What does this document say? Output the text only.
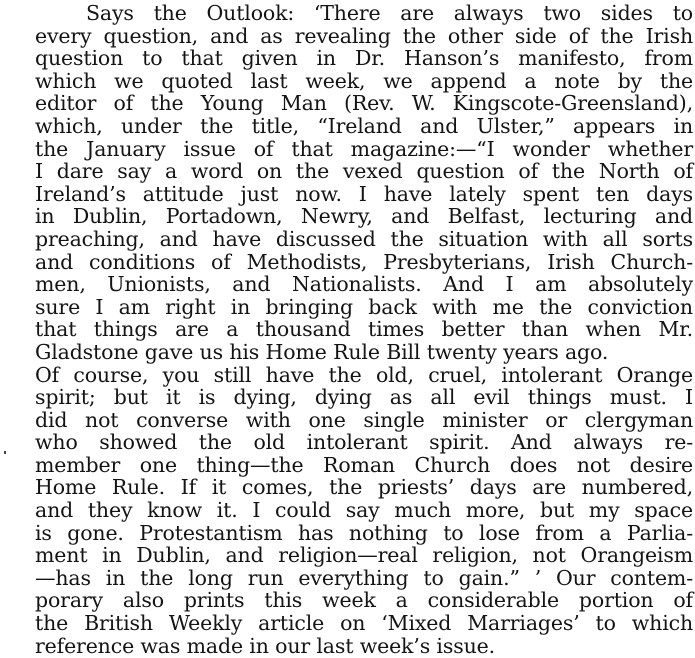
Says the Outlook: ‘There are always two sides to
every question, and as revealing the other side of the Irish
question to that given in Dr. Hanson’s manifesto, from
which we quoted last week, we append a note by the
editor of the Young Man (Rev. W. Kingscote-Greensland),
which, under the title, “Ireland and Ulster,” appears in
the January issue of that magazine:—“I wonder whether
I dare say a word on the vexed question of the North of
Ireland’s attitude just now. I have lately spent ten days
in Dublin, Portadown, Newry, and Belfast, lecturing and
preaching, and have discussed the situation with all sorts
and conditions of Methodists, Presbyterians, Irish Church-
men, Unionists, and Nationalists. And I am absolutely
sure I am right in bringing back with me the conviction
that things are a thousand times better than when Mr.
Gladstone gave us his Home Rule Bill twenty years ago.
Of course, you still have the old, cruel, intolerant Orange
spirit; but it is dying, dying as all evil things must. I
did not converse with one single minister or clergyman
who showed the old intolerant spirit. And always re-
member one thing—the Roman Church does not desire
Home Rule. If it comes, the priests’ days are numbered,
and they know it. I could say much more, but my space
is gone. Protestantism has nothing to lose from a Parlia-
ment in Dublin, and religion—real religion, not Orangeism
—has in the long run everything to gain.” ’ Our contem-
porary also prints this week a considerable portion of
the British Weekly article on ‘Mixed Marriages’ to which
reference was made in our last week’s issue.
